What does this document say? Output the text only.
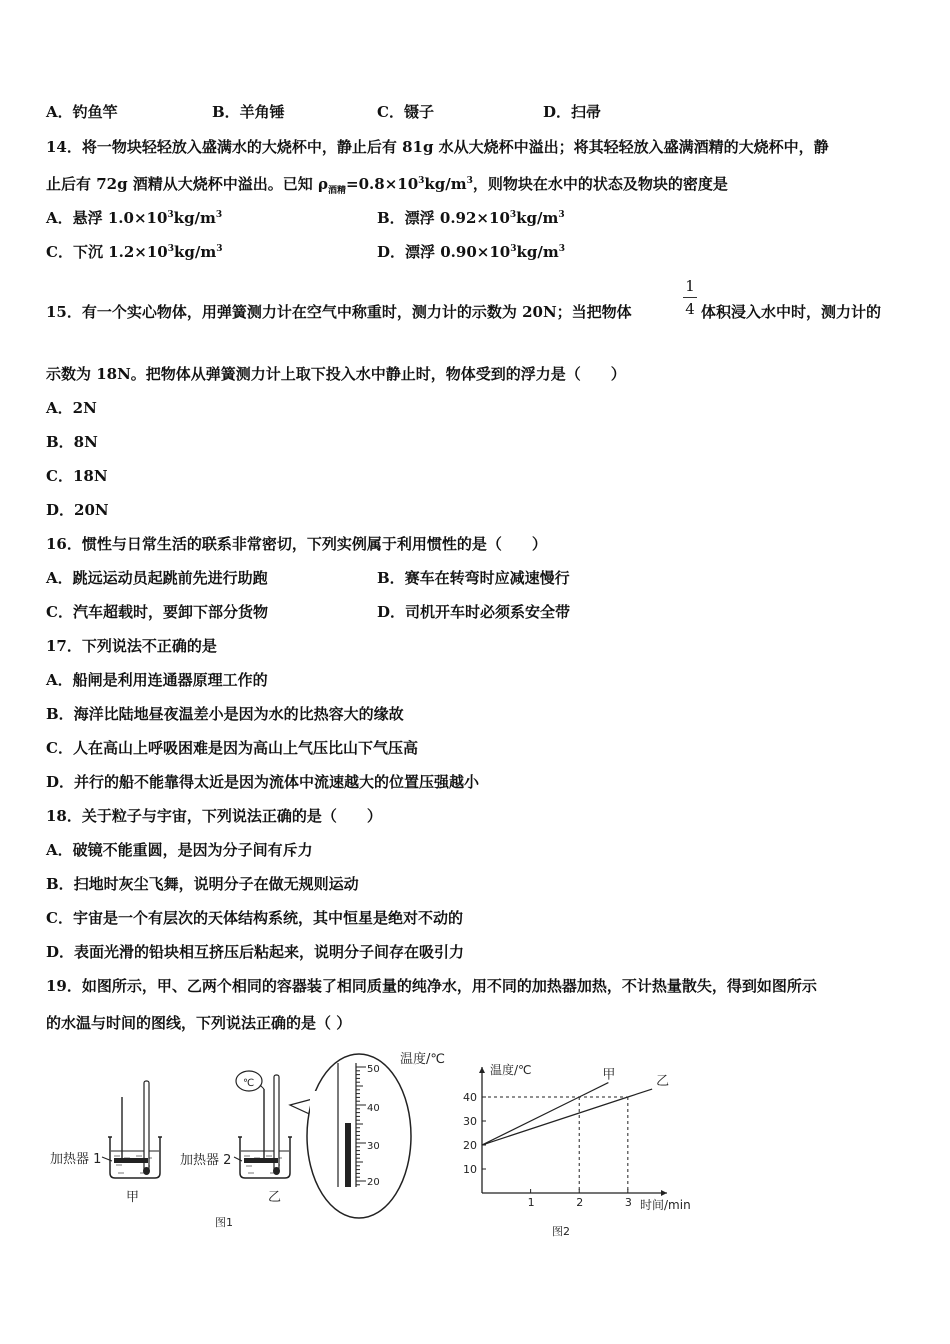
A．钓鱼竿	B．羊角锤	C．镊子	D．扫帚
14．将一物块轻轻放入盛满水的大烧杯中，静止后有 81g 水从大烧杯中溢出；将其轻轻放入盛满酒精的大烧杯中，静
止后有 72g 酒精从大烧杯中溢出。已知 $\rho_{酒精}=0.8\times 10^3kg/m^3$，则物块在水中的状态及物块的密度是
A．悬浮 $1.0\times 10^3kg/m^3$	B．漂浮 $0.92\times 10^3kg/m^3$
C．下沉 $1.2\times 10^3kg/m^3$	D．漂浮 $0.90\times 10^3kg/m^3$
15．有一个实心物体，用弹簧测力计在空气中称重时，测力计的示数为 20N；当把物体
1
4 体积浸入水中时，测力计的
示数为 18N。把物体从弹簧测力计上取下投入水中静止时，物体受到的浮力是（　　）
A．2N
B．8N
C．18N
D．20N
16．惯性与日常生活的联系非常密切，下列实例属于利用惯性的是（　　）
A．跳远运动员起跳前先进行助跑	B．赛车在转弯时应减速慢行
C．汽车超载时，要卸下部分货物	D．司机开车时必须系安全带
17．下列说法不正确的是
A．船闸是利用连通器原理工作的
B．海洋比陆地昼夜温差小是因为水的比热容大的缘故
C．人在高山上呼吸困难是因为高山上气压比山下气压高
D．并行的船不能靠得太近是因为流体中流速越大的位置压强越小
18．关于粒子与宇宙，下列说法正确的是（　　）
A．破镜不能重圆，是因为分子间有斥力
B．扫地时灰尘飞舞，说明分子在做无规则运动
C．宇宙是一个有层次的天体结构系统，其中恒星是绝对不动的
D．表面光滑的铅块相互挤压后粘起来，说明分子间存在吸引力
19．如图所示，甲、乙两个相同的容器装了相同质量的纯净水，用不同的加热器加热，不计热量散失，得到如图所示
的水温与时间的图线，下列说法正确的是（ ）
加热器 1
甲
℃
加热器 2
乙
50
40
30
20
温度/℃
图1
1	2	3
10
20
30
40
甲	乙
温度/℃
时间/min
图2
